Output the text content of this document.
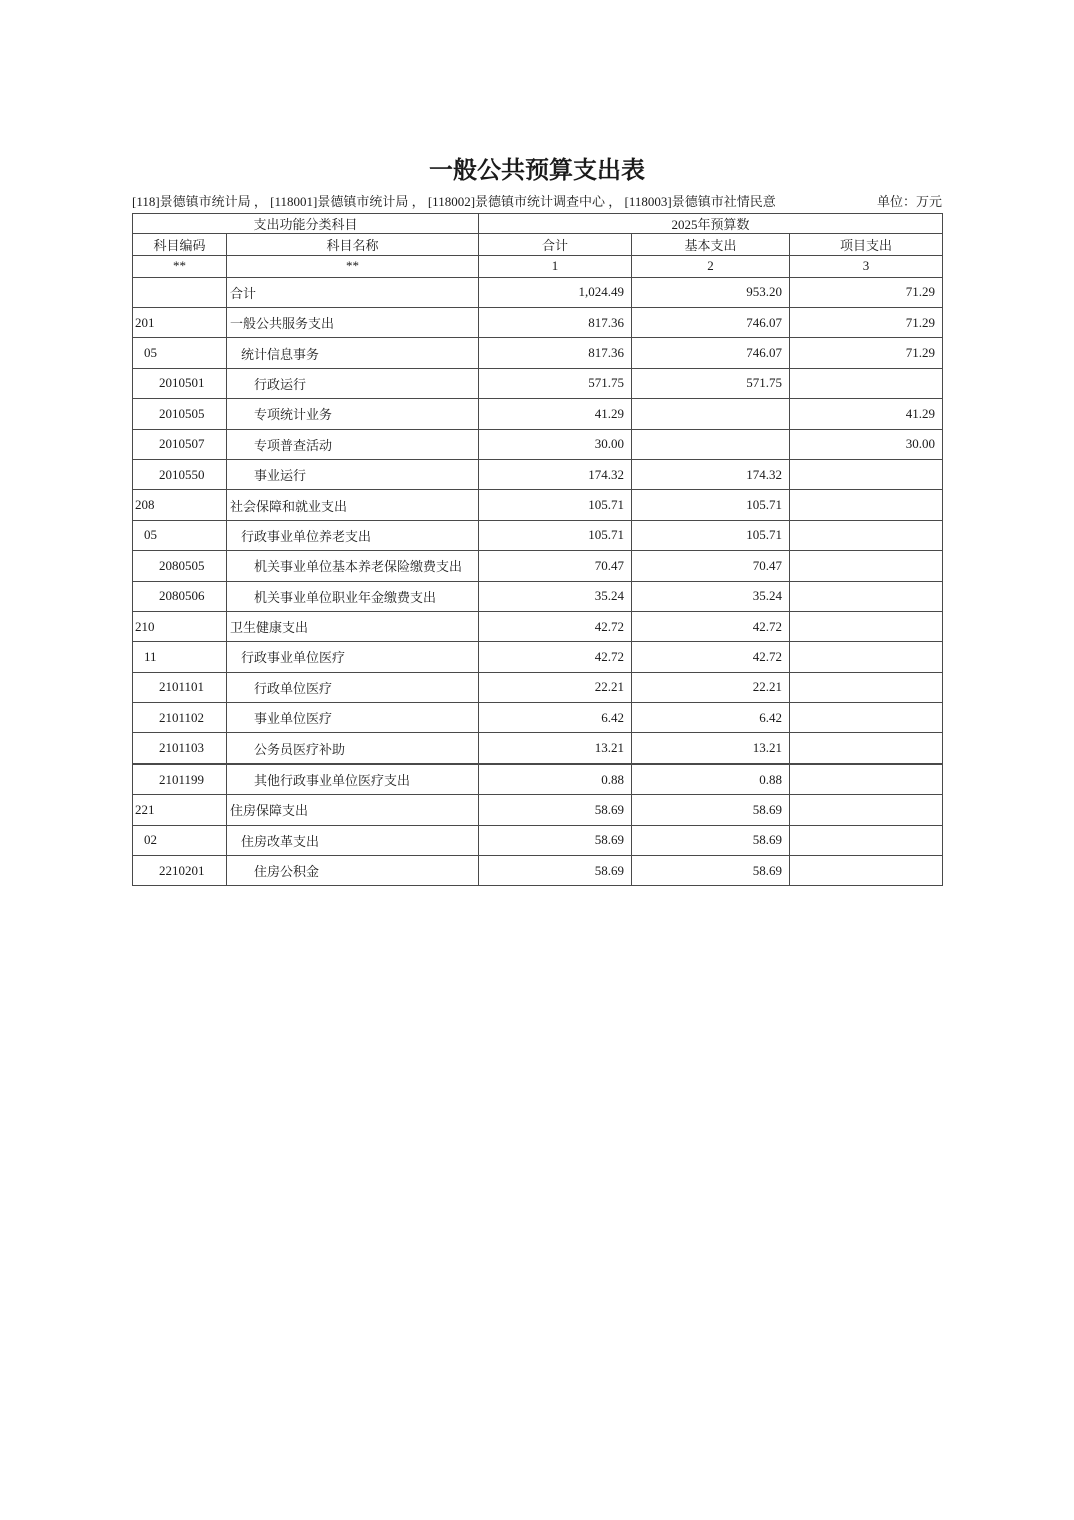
一般公共预算支出表
[118]景德镇市统计局 ， [118001]景德镇市统计局 ， [118002]景德镇市统计调查中心 ， [118003]景德镇市社情民意	单位：万元
支出功能分类科目		2025年预算数		
科目编码	科目名称	合计	基本支出	项目支出
**	**	1	2	3
	合计	1,024.49	953.20	71.29
201	一般公共服务支出	817.36	746.07	71.29
05	统计信息事务	817.36	746.07	71.29
2010501	行政运行	571.75	571.75	
2010505	专项统计业务	41.29		41.29
2010507	专项普查活动	30.00		30.00
2010550	事业运行	174.32	174.32	
208	社会保障和就业支出	105.71	105.71	
05	行政事业单位养老支出	105.71	105.71	
2080505	机关事业单位基本养老保险缴费支出	70.47	70.47	
2080506	机关事业单位职业年金缴费支出	35.24	35.24	
210	卫生健康支出	42.72	42.72	
11	行政事业单位医疗	42.72	42.72	
2101101	行政单位医疗	22.21	22.21	
2101102	事业单位医疗	6.42	6.42	
2101103	公务员医疗补助	13.21	13.21	
2101199	其他行政事业单位医疗支出	0.88	0.88	
221	住房保障支出	58.69	58.69	
02	住房改革支出	58.69	58.69	
2210201	住房公积金	58.69	58.69	
